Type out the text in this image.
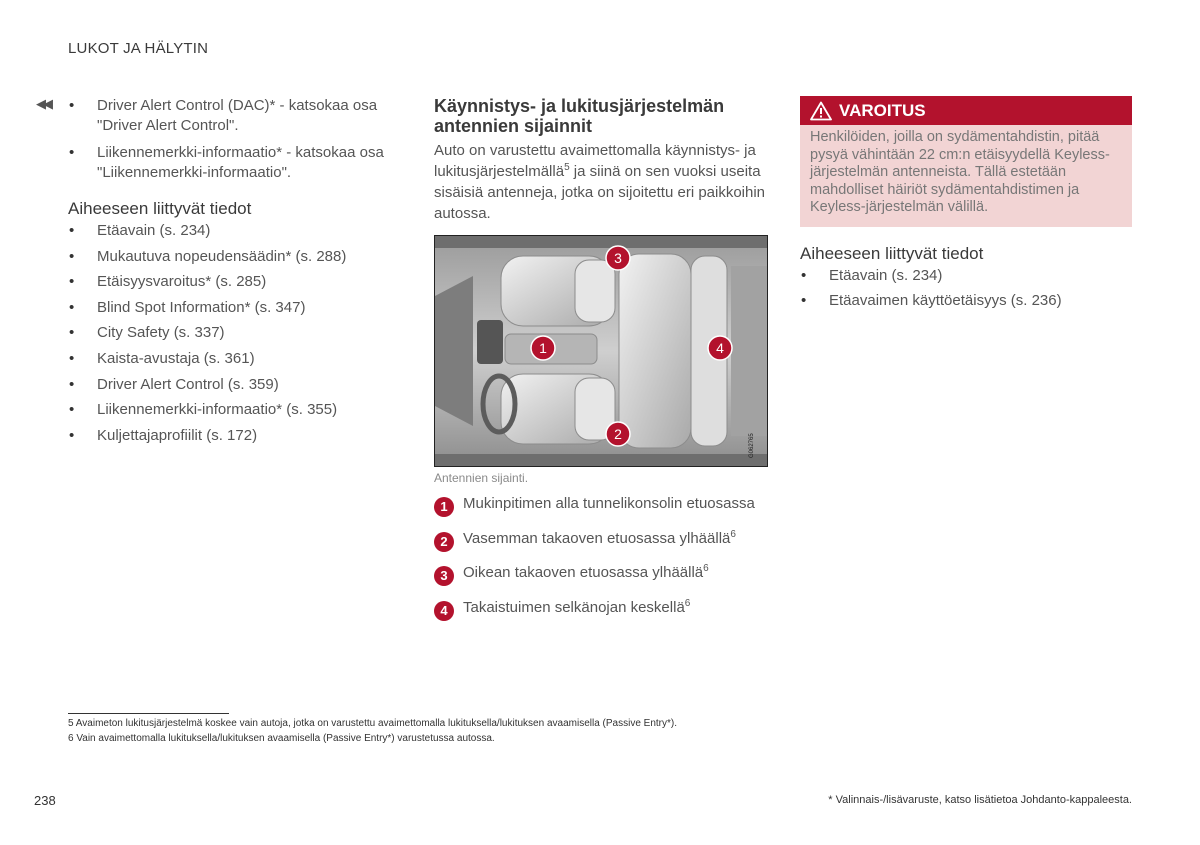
LUKOT JA HÄLYTIN
◀◀
•	Driver Alert Control (DAC)* - katsokaa osa "Driver Alert Control".
• Liikennemerkki-informaatio* - katsokaa osa "Liikennemerkki-informaatio".
Aiheeseen liittyvät tiedot
• Etäavain (s. 234)
• Mukautuva nopeudensäädin* (s. 288)
• Etäisyysvaroitus* (s. 285)
• Blind Spot Information* (s. 347)
• City Safety (s. 337)
• Kaista-avustaja (s. 361)
• Driver Alert Control (s. 359)
• Liikennemerkki-informaatio* (s. 355)
• Kuljettajaprofiilit (s. 172)
Käynnistys- ja lukitusjärjestelmän
antennien sijainnit

Auto on varustettu avaimettomalla käynnistys- ja lukitusjärjestelmällä$^5$ ja siinä on sen vuoksi useita sisäisiä antenneja, jotka on sijoitettu eri paikkoihin autossa.

G062765
1
2
3
4
Antennien sijainti.
1	Mukinpitimen alla tunnelikonsolin etuosassa
2	Vasemman takaoven etuosassa ylhäällä$^6$
3	Oikean takaoven etuosassa ylhäällä$^6$
4	Takaistuimen selkänojan keskellä$^6$
VAROITUS
Henkilöiden, joilla on sydämentahdistin, pitää pysyä vähintään 22 cm:n etäisyydellä Keyless-järjestelmän antenneista. Tällä estetään mahdolliset häiriöt sydämentahdistimen ja Keyless-järjestelmän välillä.
Aiheeseen liittyvät tiedot
• Etäavain (s. 234)
• Etäavaimen käyttöetäisyys (s. 236)
5 Avaimeton lukitusjärjestelmä koskee vain autoja, jotka on varustettu avaimettomalla lukituksella/lukituksen avaamisella (Passive Entry*).
6 Vain avaimettomalla lukituksella/lukituksen avaamisella (Passive Entry*) varustetussa autossa.
238	* Valinnais-/lisävaruste, katso lisätietoa Johdanto-kappaleesta.
